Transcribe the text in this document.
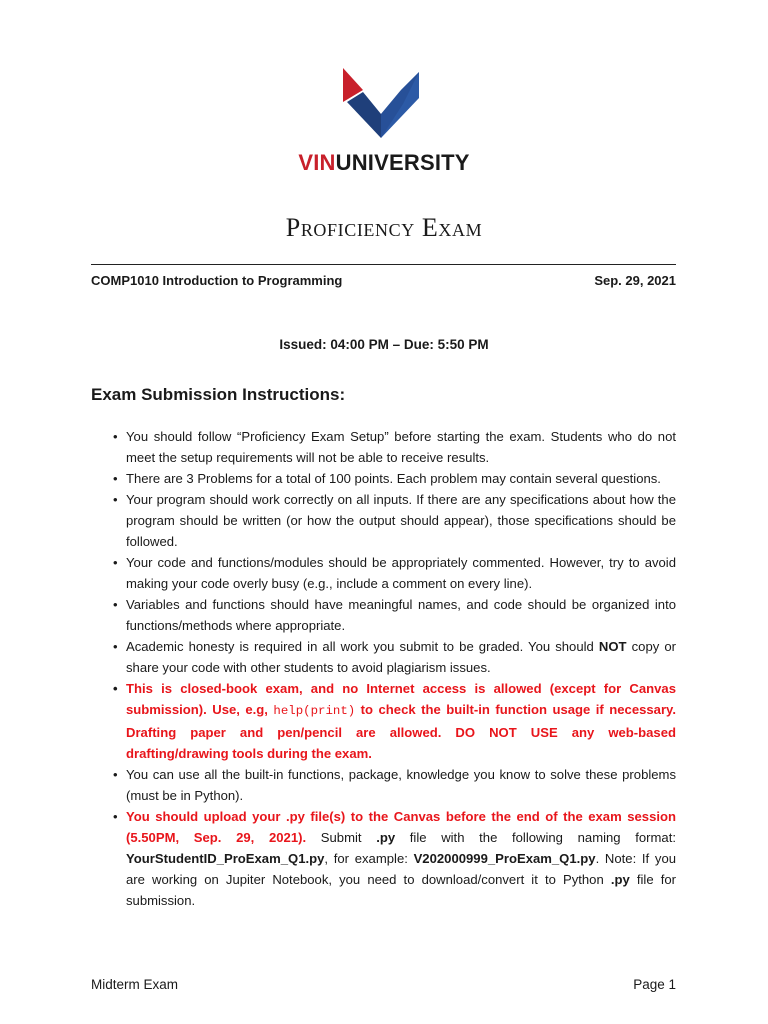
VINUNIVERSITY
Proficiency Exam
COMP1010 Introduction to Programming	Sep. 29, 2021
Issued: 04:00 PM – Due: 5:50 PM
Exam Submission Instructions:
• You should follow “Proficiency Exam Setup” before starting the exam. Students who do not meet the setup requirements will not be able to receive results.
• There are 3 Problems for a total of 100 points. Each problem may contain several questions.
• Your program should work correctly on all inputs. If there are any specifications about how the program should be written (or how the output should appear), those specifications should be followed.
• Your code and functions/modules should be appropriately commented. However, try to avoid making your code overly busy (e.g., include a comment on every line).
• Variables and functions should have meaningful names, and code should be organized into functions/methods where appropriate.
• Academic honesty is required in all work you submit to be graded. You should NOT copy or share your code with other students to avoid plagiarism issues.
• This is closed-book exam, and no Internet access is allowed (except for Canvas submission). Use, e.g, help(print) to check the built-in function usage if necessary. Drafting paper and pen/pencil are allowed. DO NOT USE any web-based drafting/drawing tools during the exam.
• You can use all the built-in functions, package, knowledge you know to solve these problems (must be in Python).
• You should upload your .py file(s) to the Canvas before the end of the exam session (5.50PM, Sep. 29, 2021). Submit .py file with the following naming format: YourStudentID_ProExam_Q1.py, for example: V202000999_ProExam_Q1.py. Note: If you are working on Jupiter Notebook, you need to download/convert it to Python .py file for submission.
Midterm Exam	Page 1
